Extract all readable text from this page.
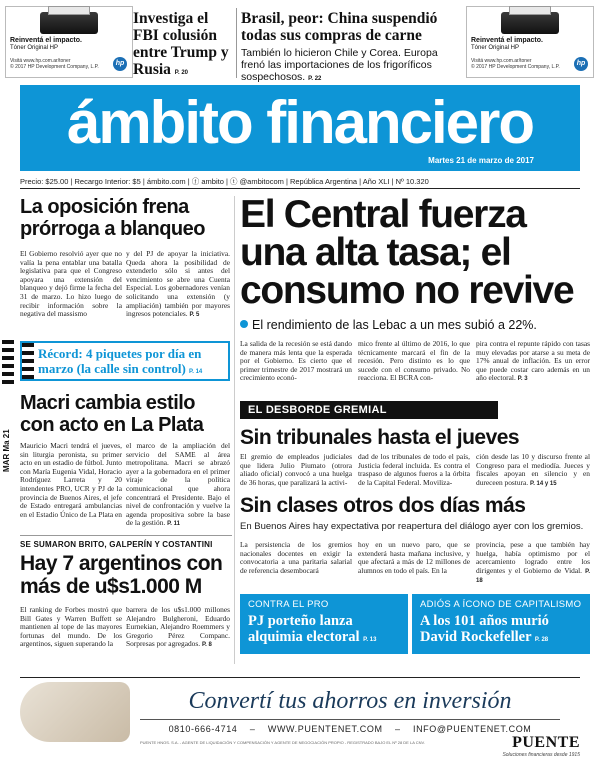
Reinventá el impacto.
Tóner Original HP
Visitá www.hp.com.ar/toner
© 2017 HP Development Company, L.P.	hp
Investiga el FBI colusión entre Trump y Rusia P. 20
Brasil, peor: China suspendió todas sus compras de carne
También lo hicieron Chile y Corea. Europa frenó las importaciones de los frigoríficos sospechosos. P. 22
Reinventá el impacto.
Tóner Original HP
Visitá www.hp.com.ar/toner
© 2017 HP Development Company, L.P.	hp
ámbito financiero
Martes 21 de marzo de 2017
Precio: $25.00 | Recargo Interior: $5 | ámbito.com | ⓕ ambito | ⓣ @ambitocom | República Argentina | Año XLI | Nº 10.320
La oposición frena prórroga a blanqueo
El Gobierno resolvió ayer que no valía la pena entablar una batalla legislativa para que el Congreso apoyara una extensión del blanqueo y dejó firme la fecha del 31 de marzo. Lo hizo luego de recibir información sobre la negativa del massismo
y del PJ de apoyar la iniciativa. Queda ahora la posibilidad de extenderlo sólo si antes del vencimiento se abre una Cuenta Especial. Los gobernadores venían solicitando una extensión (y ampliación) también por mayores ingresos potenciales. P. 5
Récord: 4 piquetes por día en marzo (la calle sin control) P. 14
MAR Ma 21
Macri cambia estilo con acto en La Plata
Mauricio Macri tendrá el jueves, sin liturgia peronista, su primer acto en un estadio de fútbol. Junto con María Eugenia Vidal, Horacio Rodríguez Larreta y 20 intendentes PRO, UCR y PJ de la provincia de Buenos Aires, el jefe de Estado entregará ambulancias en el Estadio Único de La Plata en
el marco de la ampliación del servicio del SAME al área metropolitana. Macri se abrazó ayer a la gobernadora en el primer viraje de la política comunicacional que ahora concentrará el Presidente. Bajo el nivel de confrontación y vuelve la agenda propositiva sobre la base de la gestión. P. 11
SE SUMARON BRITO, GALPERÍN Y COSTANTINI
Hay 7 argentinos con más de u$s1.000 M
El ranking de Forbes mostró que Bill Gates y Warren Buffett se mantienen al tope de las mayores fortunas del mundo. De los argentinos, siguen superando la
barrera de los u$s1.000 millones Alejandro Bulgheroni, Eduardo Eurnekian, Alejandro Roemmers y Gregorio Pérez Companc. Sorpresas por agregados. P. 8
El Central fuerza una alta tasa; el consumo no revive
El rendimiento de las Lebac a un mes subió a 22%.
La salida de la recesión se está dando de manera más lenta que la esperada por el Gobierno. Es cierto que el primer trimestre de 2017 mostrará un crecimiento econó-
mico frente al último de 2016, lo que técnicamente marcará el fin de la recesión. Pero distinto es lo que sucede con el consumo privado. No reacciona. El BCRA con-
pira contra el repunte rápido con tasas muy elevadas por atarse a su meta de 17% anual de inflación. Es un error que puede costar caro además en un año electoral. P. 3
EL DESBORDE GREMIAL
Sin tribunales hasta el jueves
El gremio de empleados judiciales que lidera Julio Piumato (otrora aliado oficial) convocó a una huelga de 36 horas, que paralizará la activi-
dad de los tribunales de todo el país, Justicia federal incluida. Es contra el traspaso de algunos fueros a la órbita de la Capital Federal. Moviliza-
ción desde las 10 y discurso frente al Congreso para el mediodía. Jueces y fiscales apoyan en silencio y en dureceen postura. P. 14 y 15
Sin clases otros dos días más
En Buenos Aires hay expectativa por reapertura del diálogo ayer con los gremios.
La persistencia de los gremios nacionales docentes en exigir la convocatoria a una paritaria salarial de referencia desembocará
hoy en un nuevo paro, que se extenderá hasta mañana inclusive, y que afectará a más de 12 millones de alumnos en todo el país. En la
provincia, pese a que también hay huelga, había optimismo por el acercamiento logrado entre los dirigentes y el Gobierno de Vidal. P. 18
CONTRA EL PRO
PJ porteño lanza alquimia electoral P. 13
ADIÓS A ÍCONO DE CAPITALISMO
A los 101 años murió David Rockefeller P. 28
Convertí tus ahorros en inversión
0810-666-4714 – WWW.PUENTENET.COM – INFO@PUENTENET.COM
PUENTE HNOS. S.A. - AGENTE DE LIQUIDACIÓN Y COMPENSACIÓN Y AGENTE DE NEGOCIACIÓN PROPIO - REGISTRADO BAJO EL Nº 28 DE LA CNV.	PUENTE
Soluciones financieras desde 1915
